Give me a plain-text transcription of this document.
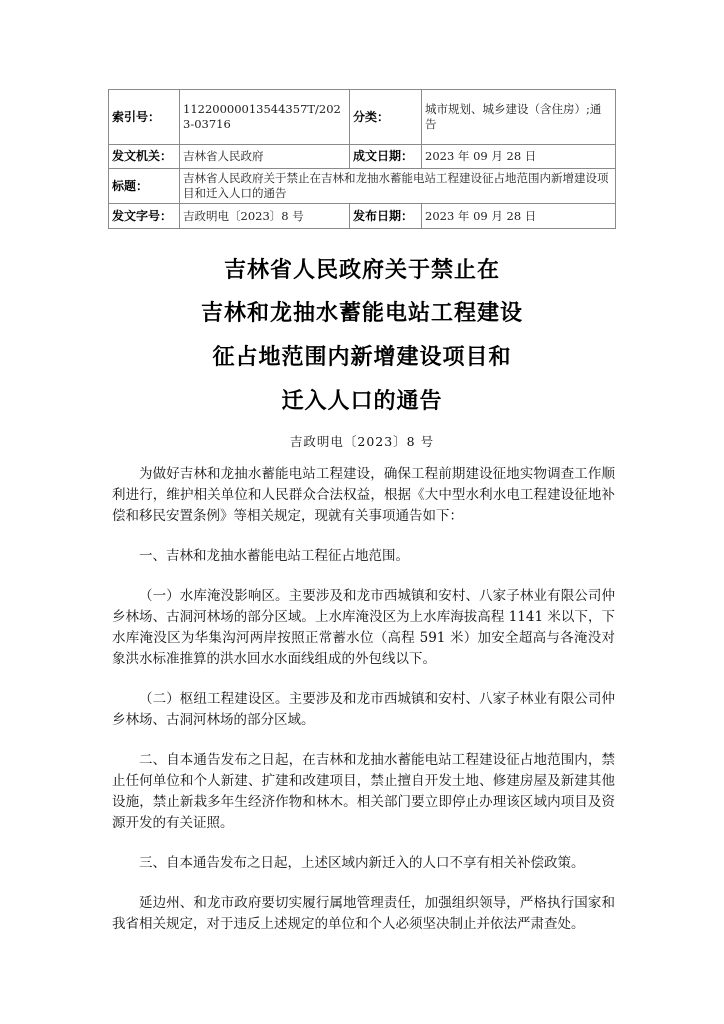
索引号：	11220000013544357T/2023-03716	分类：	城市规划、城乡建设（含住房）;通告
发文机关：	吉林省人民政府	成文日期：	2023 年 09 月 28 日
标题：	吉林省人民政府关于禁止在吉林和龙抽水蓄能电站工程建设征占地范围内新增建设项目和迁入人口的通告		
发文字号：	吉政明电〔2023〕8 号	发布日期：	2023 年 09 月 28 日
吉林省人民政府关于禁止在
吉林和龙抽水蓄能电站工程建设
征占地范围内新增建设项目和
迁入人口的通告
吉政明电〔2023〕8 号

为做好吉林和龙抽水蓄能电站工程建设，确保工程前期建设征地实物调查工作顺利进行，维护相关单位和人民群众合法权益，根据《大中型水利水电工程建设征地补偿和移民安置条例》等相关规定，现就有关事项通告如下：

一、吉林和龙抽水蓄能电站工程征占地范围。

（一）水库淹没影响区。主要涉及和龙市西城镇和安村、八家子林业有限公司仲乡林场、古洞河林场的部分区域。上水库淹没区为上水库海拔高程 1141 米以下，下水库淹没区为华集沟河两岸按照正常蓄水位（高程 591 米）加安全超高与各淹没对象洪水标准推算的洪水回水水面线组成的外包线以下。

（二）枢纽工程建设区。主要涉及和龙市西城镇和安村、八家子林业有限公司仲乡林场、古洞河林场的部分区域。

二、自本通告发布之日起，在吉林和龙抽水蓄能电站工程建设征占地范围内，禁止任何单位和个人新建、扩建和改建项目，禁止擅自开发土地、修建房屋及新建其他设施，禁止新栽多年生经济作物和林木。相关部门要立即停止办理该区域内项目及资源开发的有关证照。

三、自本通告发布之日起，上述区域内新迁入的人口不享有相关补偿政策。

延边州、和龙市政府要切实履行属地管理责任，加强组织领导，严格执行国家和我省相关规定，对于违反上述规定的单位和个人必须坚决制止并依法严肃查处。
